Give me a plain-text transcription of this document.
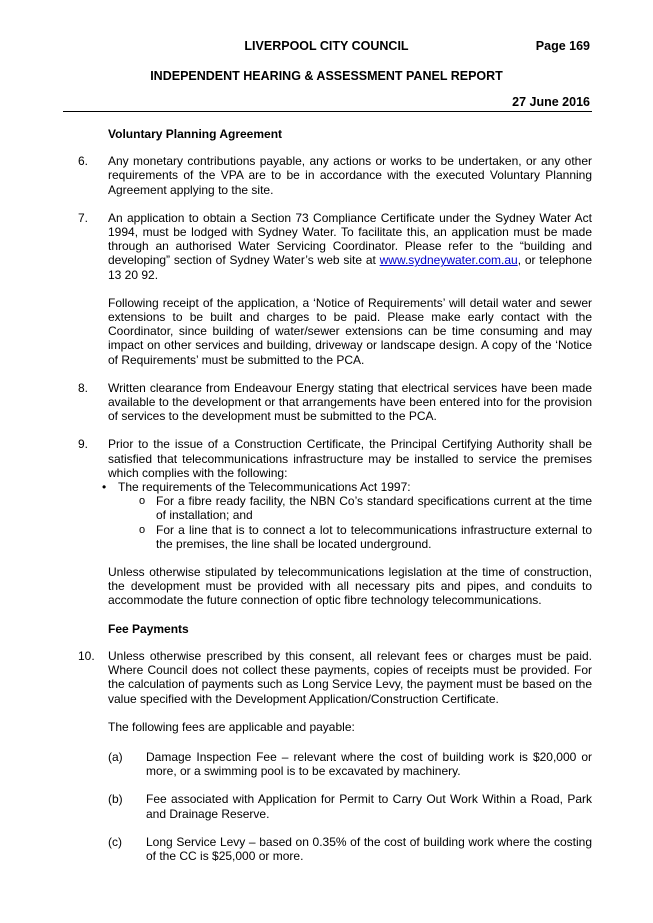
LIVERPOOL CITY COUNCIL	Page 169
INDEPENDENT HEARING & ASSESSMENT PANEL REPORT
27 June 2016
Voluntary Planning Agreement
6. Any monetary contributions payable, any actions or works to be undertaken, or any other requirements of the VPA are to be in accordance with the executed Voluntary Planning Agreement applying to the site.
7. An application to obtain a Section 73 Compliance Certificate under the Sydney Water Act 1994, must be lodged with Sydney Water. To facilitate this, an application must be made through an authorised Water Servicing Coordinator. Please refer to the “building and developing” section of Sydney Water’s web site at www.sydneywater.com.au, or telephone 13 20 92.
Following receipt of the application, a ‘Notice of Requirements’ will detail water and sewer extensions to be built and charges to be paid. Please make early contact with the Coordinator, since building of water/sewer extensions can be time consuming and may impact on other services and building, driveway or landscape design. A copy of the ‘Notice of Requirements’ must be submitted to the PCA.
8. Written clearance from Endeavour Energy stating that electrical services have been made available to the development or that arrangements have been entered into for the provision of services to the development must be submitted to the PCA.
9. Prior to the issue of a Construction Certificate, the Principal Certifying Authority shall be satisfied that telecommunications infrastructure may be installed to service the premises which complies with the following:
• The requirements of the Telecommunications Act 1997:
o For a fibre ready facility, the NBN Co’s standard specifications current at the time of installation; and
o For a line that is to connect a lot to telecommunications infrastructure external to the premises, the line shall be located underground.
Unless otherwise stipulated by telecommunications legislation at the time of construction, the development must be provided with all necessary pits and pipes, and conduits to accommodate the future connection of optic fibre technology telecommunications.
Fee Payments
10. Unless otherwise prescribed by this consent, all relevant fees or charges must be paid. Where Council does not collect these payments, copies of receipts must be provided. For the calculation of payments such as Long Service Levy, the payment must be based on the value specified with the Development Application/Construction Certificate.
The following fees are applicable and payable:
(a) Damage Inspection Fee – relevant where the cost of building work is $20,000 or more, or a swimming pool is to be excavated by machinery.
(b) Fee associated with Application for Permit to Carry Out Work Within a Road, Park and Drainage Reserve.
(c) Long Service Levy – based on 0.35% of the cost of building work where the costing of the CC is $25,000 or more.
